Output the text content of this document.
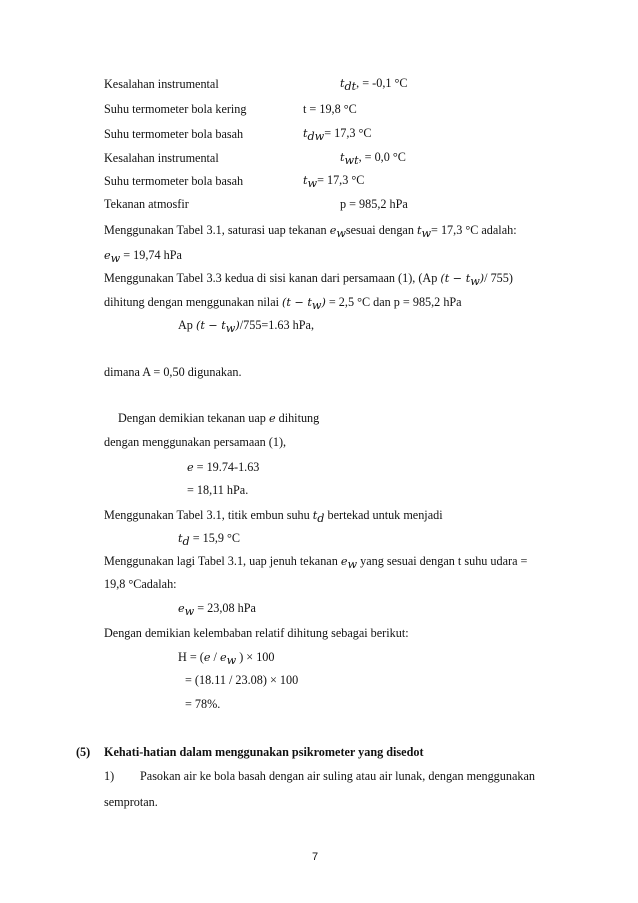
Kesalahan instrumental	$t_{dt}$, = -0,1 °C
Suhu termometer bola kering	t = 19,8 °C
Suhu termometer bola basah	$t_{dw}= 17,3$ °C
Kesalahan instrumental	$t_{wt}$, = 0,0 °C
Suhu termometer bola basah	$t_w= 17,3$ °C
Tekanan atmosfir	p = 985,2 hPa
Menggunakan Tabel 3.1, saturasi uap tekanan $e_wsesuai$ dengan $t_w= 17,3$ °C adalah:
$e_w = 19,74$ hPa
Menggunakan Tabel 3.3 kedua di sisi kanan dari persamaan (1), (Ap $(t - t_w)/$ 755)
dihitung dengan menggunakan nilai $(t - t_w) = 2,5$ °C dan p = 985,2 hPa
Ap $(t - t_w)/755=1.63$ hPa,
dimana A = 0,50 digunakan.
Dengan demikian tekanan uap e dihitung
dengan menggunakan persamaan (1),
e = 19.74-1.63
= 18,11 hPa.
Menggunakan Tabel 3.1, titik embun suhu $t_d$ bertekad untuk menjadi
$t_d = 15,9$ °C
Menggunakan lagi Tabel 3.1, uap jenuh tekanan $e_w$ yang sesuai dengan t suhu udara =
19,8 °Cadalah:
$e_w = 23,08$ hPa
Dengan demikian kelembaban relatif dihitung sebagai berikut:
$H = (e / e_w$ ) × 100
= (18.11 / 23.08) × 100
= 78%.
(5) Kehati-hatian dalam menggunakan psikrometer yang disedot
1) Pasokan air ke bola basah dengan air suling atau air lunak, dengan menggunakan
semprotan.
7
